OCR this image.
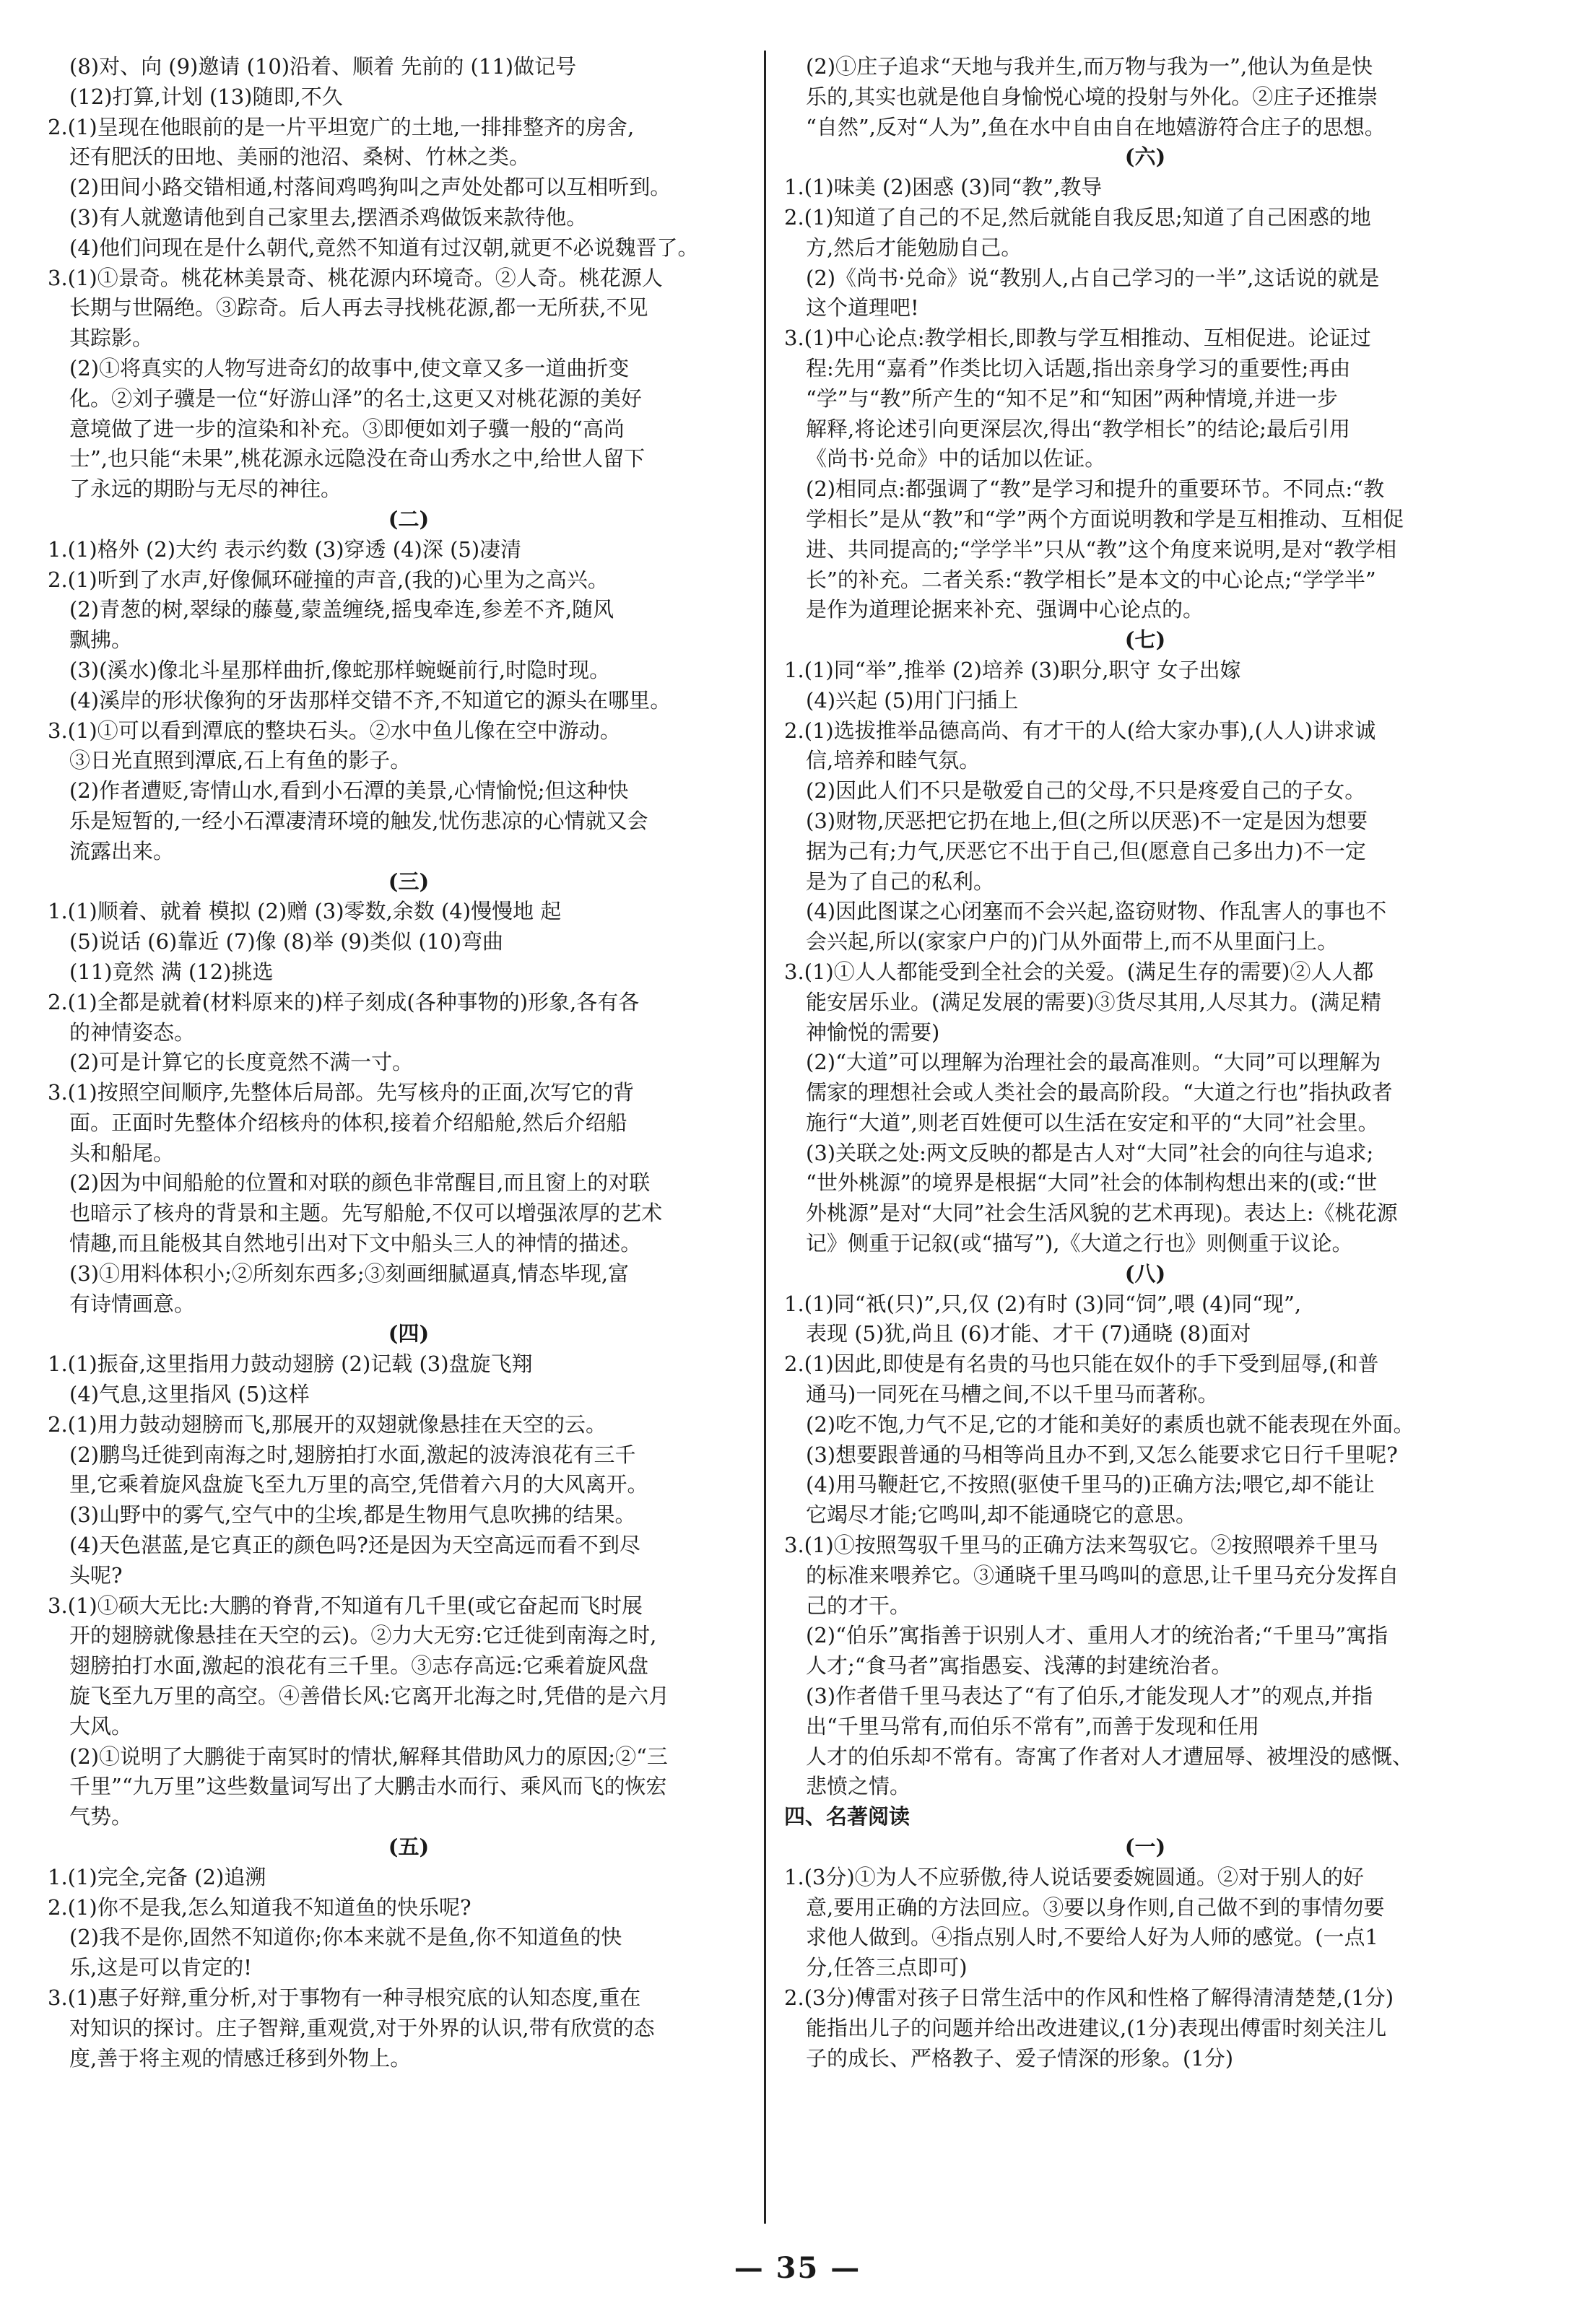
(8)对、向 (9)邀请 (10)沿着、顺着 先前的 (11)做记号
(12)打算,计划 (13)随即,不久
2.(1)呈现在他眼前的是一片平坦宽广的土地,一排排整齐的房舍,
还有肥沃的田地、美丽的池沼、桑树、竹林之类。
(2)田间小路交错相通,村落间鸡鸣狗叫之声处处都可以互相听到。
(3)有人就邀请他到自己家里去,摆酒杀鸡做饭来款待他。
(4)他们问现在是什么朝代,竟然不知道有过汉朝,就更不必说魏晋了。
3.(1)①景奇。桃花林美景奇、桃花源内环境奇。②人奇。桃花源人
长期与世隔绝。③踪奇。后人再去寻找桃花源,都一无所获,不见
其踪影。
(2)①将真实的人物写进奇幻的故事中,使文章又多一道曲折变
化。②刘子骥是一位“好游山泽”的名士,这更又对桃花源的美好
意境做了进一步的渲染和补充。③即便如刘子骥一般的“高尚
士”,也只能“未果”,桃花源永远隐没在奇山秀水之中,给世人留下
了永远的期盼与无尽的神往。
(二)
1.(1)格外 (2)大约 表示约数 (3)穿透 (4)深 (5)凄清
2.(1)听到了水声,好像佩环碰撞的声音,(我的)心里为之高兴。
(2)青葱的树,翠绿的藤蔓,蒙盖缠绕,摇曳牵连,参差不齐,随风
飘拂。
(3)(溪水)像北斗星那样曲折,像蛇那样蜿蜒前行,时隐时现。
(4)溪岸的形状像狗的牙齿那样交错不齐,不知道它的源头在哪里。
3.(1)①可以看到潭底的整块石头。②水中鱼儿像在空中游动。
③日光直照到潭底,石上有鱼的影子。
(2)作者遭贬,寄情山水,看到小石潭的美景,心情愉悦;但这种快
乐是短暂的,一经小石潭凄清环境的触发,忧伤悲凉的心情就又会
流露出来。
(三)
1.(1)顺着、就着 模拟 (2)赠 (3)零数,余数 (4)慢慢地 起
(5)说话 (6)靠近 (7)像 (8)举 (9)类似 (10)弯曲
(11)竟然 满 (12)挑选
2.(1)全都是就着(材料原来的)样子刻成(各种事物的)形象,各有各
的神情姿态。
(2)可是计算它的长度竟然不满一寸。
3.(1)按照空间顺序,先整体后局部。先写核舟的正面,次写它的背
面。正面时先整体介绍核舟的体积,接着介绍船舱,然后介绍船
头和船尾。
(2)因为中间船舱的位置和对联的颜色非常醒目,而且窗上的对联
也暗示了核舟的背景和主题。先写船舱,不仅可以增强浓厚的艺术
情趣,而且能极其自然地引出对下文中船头三人的神情的描述。
(3)①用料体积小;②所刻东西多;③刻画细腻逼真,情态毕现,富
有诗情画意。
(四)
1.(1)振奋,这里指用力鼓动翅膀 (2)记载 (3)盘旋飞翔
(4)气息,这里指风 (5)这样
2.(1)用力鼓动翅膀而飞,那展开的双翅就像悬挂在天空的云。
(2)鹏鸟迁徙到南海之时,翅膀拍打水面,激起的波涛浪花有三千
里,它乘着旋风盘旋飞至九万里的高空,凭借着六月的大风离开。
(3)山野中的雾气,空气中的尘埃,都是生物用气息吹拂的结果。
(4)天色湛蓝,是它真正的颜色吗?还是因为天空高远而看不到尽
头呢?
3.(1)①硕大无比:大鹏的脊背,不知道有几千里(或它奋起而飞时展
开的翅膀就像悬挂在天空的云)。②力大无穷:它迁徙到南海之时,
翅膀拍打水面,激起的浪花有三千里。③志存高远:它乘着旋风盘
旋飞至九万里的高空。④善借长风:它离开北海之时,凭借的是六月
大风。
(2)①说明了大鹏徙于南冥时的情状,解释其借助风力的原因;②“三
千里”“九万里”这些数量词写出了大鹏击水而行、乘风而飞的恢宏
气势。
(五)
1.(1)完全,完备 (2)追溯
2.(1)你不是我,怎么知道我不知道鱼的快乐呢?
(2)我不是你,固然不知道你;你本来就不是鱼,你不知道鱼的快
乐,这是可以肯定的!
3.(1)惠子好辩,重分析,对于事物有一种寻根究底的认知态度,重在
对知识的探讨。庄子智辩,重观赏,对于外界的认识,带有欣赏的态
度,善于将主观的情感迁移到外物上。
(2)①庄子追求“天地与我并生,而万物与我为一”,他认为鱼是快
乐的,其实也就是他自身愉悦心境的投射与外化。②庄子还推崇
“自然”,反对“人为”,鱼在水中自由自在地嬉游符合庄子的思想。
(六)
1.(1)味美 (2)困惑 (3)同“教”,教导
2.(1)知道了自己的不足,然后就能自我反思;知道了自己困惑的地
方,然后才能勉励自己。
(2)《尚书·兑命》说“教别人,占自己学习的一半”,这话说的就是
这个道理吧!
3.(1)中心论点:教学相长,即教与学互相推动、互相促进。论证过
程:先用“嘉肴”作类比切入话题,指出亲身学习的重要性;再由
“学”与“教”所产生的“知不足”和“知困”两种情境,并进一步
解释,将论述引向更深层次,得出“教学相长”的结论;最后引用
《尚书·兑命》中的话加以佐证。
(2)相同点:都强调了“教”是学习和提升的重要环节。不同点:“教
学相长”是从“教”和“学”两个方面说明教和学是互相推动、互相促
进、共同提高的;“学学半”只从“教”这个角度来说明,是对“教学相
长”的补充。二者关系:“教学相长”是本文的中心论点;“学学半”
是作为道理论据来补充、强调中心论点的。
(七)
1.(1)同“举”,推举 (2)培养 (3)职分,职守 女子出嫁
(4)兴起 (5)用门闩插上
2.(1)选拔推举品德高尚、有才干的人(给大家办事),(人人)讲求诚
信,培养和睦气氛。
(2)因此人们不只是敬爱自己的父母,不只是疼爱自己的子女。
(3)财物,厌恶把它扔在地上,但(之所以厌恶)不一定是因为想要
据为己有;力气,厌恶它不出于自己,但(愿意自己多出力)不一定
是为了自己的私利。
(4)因此图谋之心闭塞而不会兴起,盗窃财物、作乱害人的事也不
会兴起,所以(家家户户的)门从外面带上,而不从里面闩上。
3.(1)①人人都能受到全社会的关爱。(满足生存的需要)②人人都
能安居乐业。(满足发展的需要)③货尽其用,人尽其力。(满足精
神愉悦的需要)
(2)“大道”可以理解为治理社会的最高准则。“大同”可以理解为
儒家的理想社会或人类社会的最高阶段。“大道之行也”指执政者
施行“大道”,则老百姓便可以生活在安定和平的“大同”社会里。
(3)关联之处:两文反映的都是古人对“大同”社会的向往与追求;
“世外桃源”的境界是根据“大同”社会的体制构想出来的(或:“世
外桃源”是对“大同”社会生活风貌的艺术再现)。表达上:《桃花源
记》侧重于记叙(或“描写”),《大道之行也》则侧重于议论。
(八)
1.(1)同“祇(只)”,只,仅 (2)有时 (3)同“饲”,喂 (4)同“现”,
表现 (5)犹,尚且 (6)才能、才干 (7)通晓 (8)面对
2.(1)因此,即使是有名贵的马也只能在奴仆的手下受到屈辱,(和普
通马)一同死在马槽之间,不以千里马而著称。
(2)吃不饱,力气不足,它的才能和美好的素质也就不能表现在外面。
(3)想要跟普通的马相等尚且办不到,又怎么能要求它日行千里呢?
(4)用马鞭赶它,不按照(驱使千里马的)正确方法;喂它,却不能让
它竭尽才能;它鸣叫,却不能通晓它的意思。
3.(1)①按照驾驭千里马的正确方法来驾驭它。②按照喂养千里马
的标准来喂养它。③通晓千里马鸣叫的意思,让千里马充分发挥自
己的才干。
(2)“伯乐”寓指善于识别人才、重用人才的统治者;“千里马”寓指
人才;“食马者”寓指愚妄、浅薄的封建统治者。
(3)作者借千里马表达了“有了伯乐,才能发现人才”的观点,并指
出“千里马常有,而伯乐不常有”,而善于发现和任用
人才的伯乐却不常有。寄寓了作者对人才遭屈辱、被埋没的感慨、
悲愤之情。
四、名著阅读
(一)
1.(3分)①为人不应骄傲,待人说话要委婉圆通。②对于别人的好
意,要用正确的方法回应。③要以身作则,自己做不到的事情勿要
求他人做到。④指点别人时,不要给人好为人师的感觉。(一点1
分,任答三点即可)
2.(3分)傅雷对孩子日常生活中的作风和性格了解得清清楚楚,(1分)
能指出儿子的问题并给出改进建议,(1分)表现出傅雷时刻关注儿
子的成长、严格教子、爱子情深的形象。(1分)
— 35 —
